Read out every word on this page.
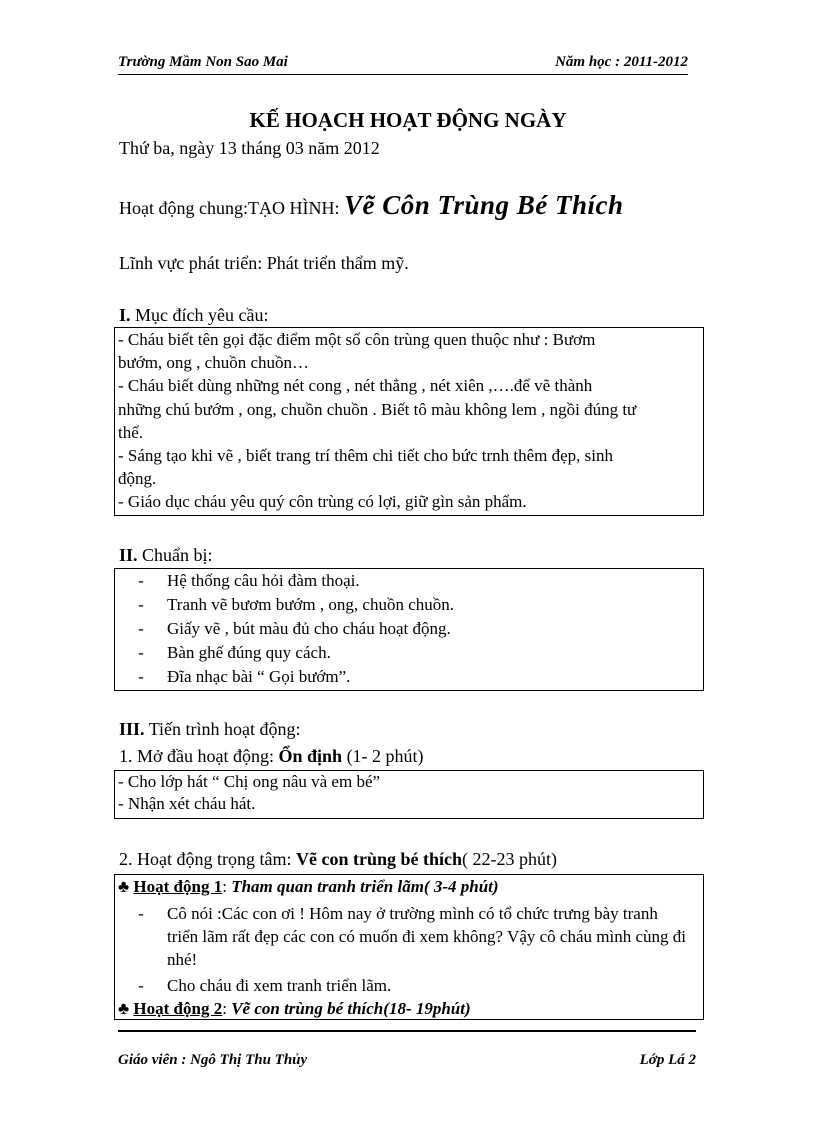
Trường Mầm Non Sao Mai	Năm học : 2011-2012
KẾ HOẠCH HOẠT ĐỘNG NGÀY
Thứ ba, ngày 13 tháng 03 năm 2012
Hoạt động chung:TẠO HÌNH: Vẽ Côn Trùng Bé Thích
Lĩnh vực phát triển: Phát triển thẩm mỹ.
I. Mục đích yêu cầu:

- Cháu biết tên gọi đặc điểm một số côn trùng quen thuộc như : Bươm

bướm, ong , chuồn chuồn…

- Cháu biết dùng những nét cong , nét thẳng , nét xiên ,….để vẽ thành

những chú bướm , ong, chuồn chuồn . Biết tô màu không lem , ngồi đúng tư

thế.

- Sáng tạo khi vẽ , biết trang trí thêm chi tiết cho bức trnh thêm đẹp, sinh

động.

- Giáo dục cháu yêu quý côn trùng có lợi, giữ gìn sản phẩm.

II. Chuẩn bị:
-	Hệ thống câu hỏi đàm thoại.
-	Tranh vẽ bươm bướm , ong, chuồn chuồn.
-	Giấy vẽ , bút màu đủ cho cháu hoạt động.
-	Bàn ghế đúng quy cách.
-	Đĩa nhạc bài “ Gọi bướm”.
III. Tiến trình hoạt động:
1. Mở đầu hoạt động: Ổn định (1- 2 phút)

- Cho lớp hát “ Chị ong nâu và em bé”

- Nhận xét cháu hát.

2. Hoạt động trọng tâm: Vẽ con trùng bé thích( 22-23 phút)
♣ Hoạt động 1: Tham quan tranh triển lãm( 3-4 phút)
-	Cô nói :Các con ơi ! Hôm nay ở trường mình có tổ chức trưng bày tranh triển lãm rất đẹp các con có muốn đi xem không? Vậy cô cháu mình cùng đi nhé!
-	Cho cháu đi xem tranh triển lãm.
♣ Hoạt động 2: Vẽ con trùng bé thích(18- 19phút)
Giáo viên : Ngô Thị Thu Thủy	Lớp Lá 2
